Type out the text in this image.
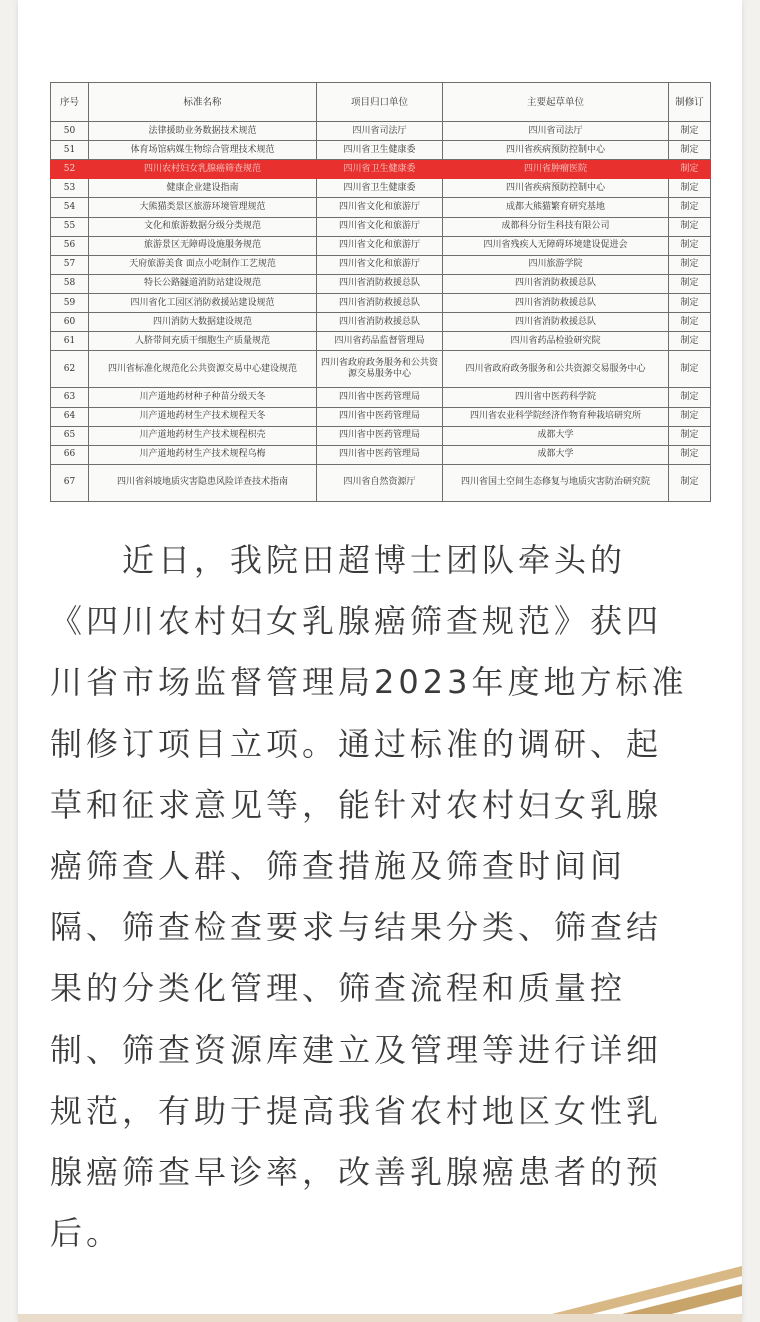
序号	标准名称	项目归口单位	主要起草单位	制修订
50	法律援助业务数据技术规范	四川省司法厅	四川省司法厅	制定
51	体育场馆病媒生物综合管理技术规范	四川省卫生健康委	四川省疾病预防控制中心	制定
52	四川农村妇女乳腺癌筛查规范	四川省卫生健康委	四川省肿瘤医院	制定
53	健康企业建设指南	四川省卫生健康委	四川省疾病预防控制中心	制定
54	大熊猫类景区旅游环境管理规范	四川省文化和旅游厅	成都大熊猫繁育研究基地	制定
55	文化和旅游数据分级分类规范	四川省文化和旅游厅	成都科分衍生科技有限公司	制定
56	旅游景区无障碍设施服务规范	四川省文化和旅游厅	四川省残疾人无障碍环境建设促进会	制定
57	天府旅游美食 面点小吃制作工艺规范	四川省文化和旅游厅	四川旅游学院	制定
58	特长公路隧道消防站建设规范	四川省消防救援总队	四川省消防救援总队	制定
59	四川省化工园区消防救援站建设规范	四川省消防救援总队	四川省消防救援总队	制定
60	四川消防大数据建设规范	四川省消防救援总队	四川省消防救援总队	制定
61	人脐带间充质干细胞生产质量规范	四川省药品监督管理局	四川省药品检验研究院	制定
62	四川省标准化规范化公共资源交易中心建设规范	四川省政府政务服务和公共资源交易服务中心	四川省政府政务服务和公共资源交易服务中心	制定
63	川产道地药材种子种苗分级天冬	四川省中医药管理局	四川省中医药科学院	制定
64	川产道地药材生产技术规程天冬	四川省中医药管理局	四川省农业科学院经济作物育种栽培研究所	制定
65	川产道地药材生产技术规程枳壳	四川省中医药管理局	成都大学	制定
66	川产道地药材生产技术规程乌梅	四川省中医药管理局	成都大学	制定
67	四川省斜坡地质灾害隐患风险详查技术指南	四川省自然资源厅	四川省国土空间生态修复与地质灾害防治研究院	制定
　　近日，我院田超博士团队牵头的
《四川农村妇女乳腺癌筛查规范》获四
川省市场监督管理局2023年度地方标准
制修订项目立项。通过标准的调研、起
草和征求意见等，能针对农村妇女乳腺
癌筛查人群、筛查措施及筛查时间间
隔、筛查检查要求与结果分类、筛查结
果的分类化管理、筛查流程和质量控
制、筛查资源库建立及管理等进行详细
规范，有助于提高我省农村地区女性乳
腺癌筛查早诊率，改善乳腺癌患者的预
后。
